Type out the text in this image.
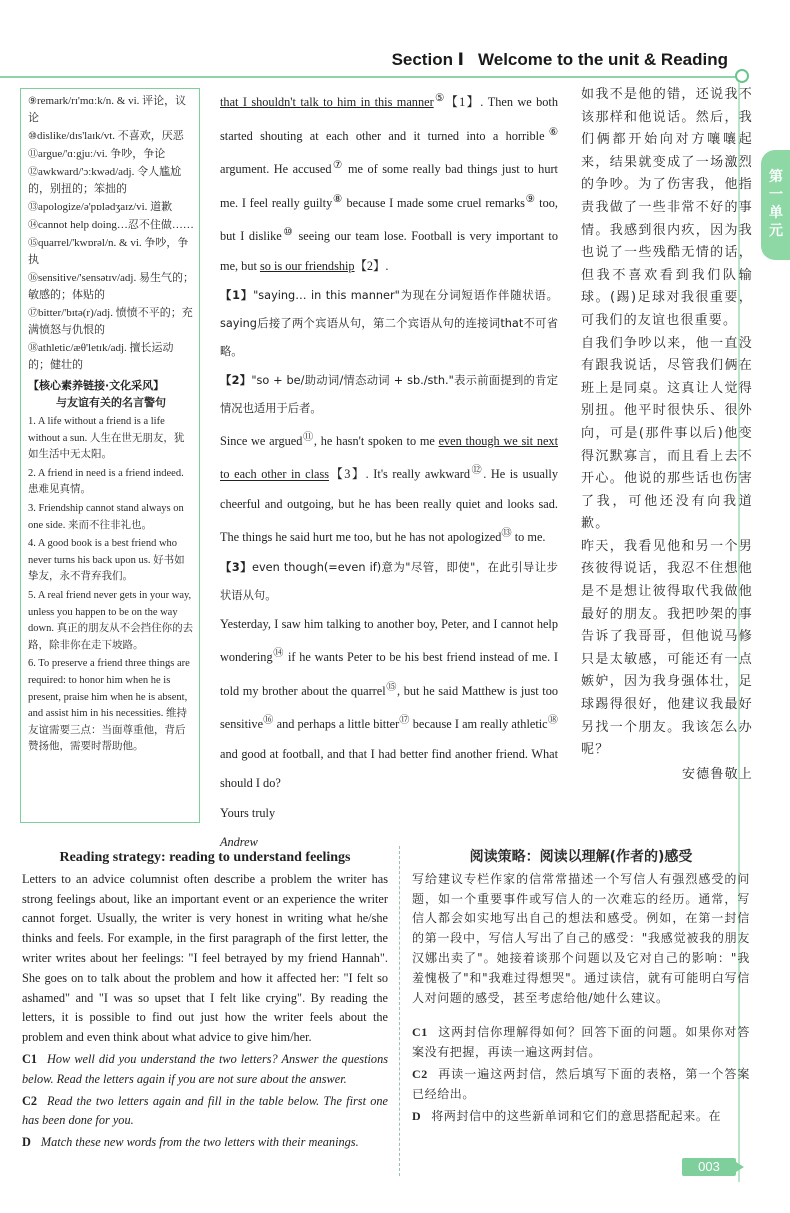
Section Ⅰ Welcome to the unit & Reading
第一单元
⑨remark/rɪ'mɑːk/n. & vi. 评论，议论
⑩dislike/dɪs'laɪk/vt. 不喜欢，厌恶
⑪argue/'ɑːgjuː/vi. 争吵，争论
⑫awkward/'ɔːkwəd/adj. 令人尴尬的，别扭的；笨拙的
⑬apologize/ə'pɒlədʒaɪz/vi. 道歉
⑭cannot help doing…忍不住做……
⑮quarrel/'kwɒrəl/n. & vi. 争吵，争执
⑯sensitive/'sensətɪv/adj. 易生气的；敏感的；体贴的
⑰bitter/'bɪtə(r)/adj. 愤愤不平的；充满愤怒与仇恨的
⑱athletic/æθ'letɪk/adj. 擅长运动的；健壮的
【核心素养链接·文化采风】
与友谊有关的名言警句
1. A life without a friend is a life without a sun. 人生在世无朋友，犹如生活中无太阳。
2. A friend in need is a friend indeed. 患难见真情。
3. Friendship cannot stand always on one side. 来而不往非礼也。
4. A good book is a best friend who never turns his back upon us. 好书如挚友，永不背弃我们。
5. A real friend never gets in your way, unless you happen to be on the way down. 真正的朋友从不会挡住你的去路，除非你在走下坡路。
6. To preserve a friend three things are required: to honor him when he is present, praise him when he is absent, and assist him in his necessities. 维持友谊需要三点：当面尊重他，背后赞扬他，需要时帮助他。

that I shouldn't talk to him in this manner⑤【1】. Then we both started shouting at each other and it turned into a horrible⑥ argument. He accused⑦ me of some really bad things just to hurt me. I feel really guilty⑧ because I made some cruel remarks⑨ too, but I dislike⑩ seeing our team lose. Football is very important to me, but so is our friendship【2】.

【1】"saying… in this manner"为现在分词短语作伴随状语。saying后接了两个宾语从句，第二个宾语从句的连接词that不可省略。
【2】"so + be/助动词/情态动词 + sb./sth."表示前面提到的肯定情况也适用于后者。

Since we argued⑪, he hasn't spoken to me even though we sit next to each other in class【3】. It's really awkward⑫. He is usually cheerful and outgoing, but he has been really quiet and looks sad. The things he said hurt me too, but he has not apologized⑬ to me.

【3】even though(=even if)意为"尽管，即使"，在此引导让步状语从句。

Yesterday, I saw him talking to another boy, Peter, and I cannot help wondering⑭ if he wants Peter to be his best friend instead of me. I told my brother about the quarrel⑮, but he said Matthew is just too sensitive⑯ and perhaps a little bitter⑰ because I am really athletic⑱ and good at football, and that I had better find another friend. What should I do?

Yours truly

Andrew

如我不是他的错，还说我不该那样和他说话。然后，我们俩都开始向对方嚷嚷起来，结果就变成了一场激烈的争吵。为了伤害我，他指责我做了一些非常不好的事情。我感到很内疚，因为我也说了一些残酷无情的话，但我不喜欢看到我们队输球。(踢)足球对我很重要，可我们的友谊也很重要。

自我们争吵以来，他一直没有跟我说话，尽管我们俩在班上是同桌。这真让人觉得别扭。他平时很快乐、很外向，可是(那件事以后)他变得沉默寡言，而且看上去不开心。他说的那些话也伤害了我，可他还没有向我道歉。

昨天，我看见他和另一个男孩彼得说话，我忍不住想他是不是想让彼得取代我做他最好的朋友。我把吵架的事告诉了我哥哥，但他说马修只是太敏感，可能还有一点嫉妒，因为我身强体壮，足球踢得很好，他建议我最好另找一个朋友。我该怎么办呢？

安德鲁敬上

Reading strategy: reading to understand feelings

Letters to an advice columnist often describe a problem the writer has strong feelings about, like an important event or an experience the writer cannot forget. Usually, the writer is very honest in writing what he/she thinks and feels. For example, in the first paragraph of the first letter, the writer writes about her feelings: "I feel betrayed by my friend Hannah". She goes on to talk about the problem and how it affected her: "I felt so ashamed" and "I was so upset that I felt like crying". By reading the letters, it is possible to find out just how the writer feels about the problem and even think about what advice to give him/her.

C1 How well did you understand the two letters? Answer the questions below. Read the letters again if you are not sure about the answer.

C2 Read the two letters again and fill in the table below. The first one has been done for you.

D Match these new words from the two letters with their meanings.

阅读策略：阅读以理解(作者的)感受

写给建议专栏作家的信常常描述一个写信人有强烈感受的问题，如一个重要事件或写信人的一次难忘的经历。通常，写信人都会如实地写出自己的想法和感受。例如，在第一封信的第一段中，写信人写出了自己的感受："我感觉被我的朋友汉娜出卖了"。她接着谈那个问题以及它对自己的影响："我羞愧极了"和"我难过得想哭"。通过读信，就有可能明白写信人对问题的感受，甚至考虑给他/她什么建议。

C1 这两封信你理解得如何？回答下面的问题。如果你对答案没有把握，再读一遍这两封信。

C2 再读一遍这两封信，然后填写下面的表格，第一个答案已经给出。

D 将两封信中的这些新单词和它们的意思搭配起来。在

003
